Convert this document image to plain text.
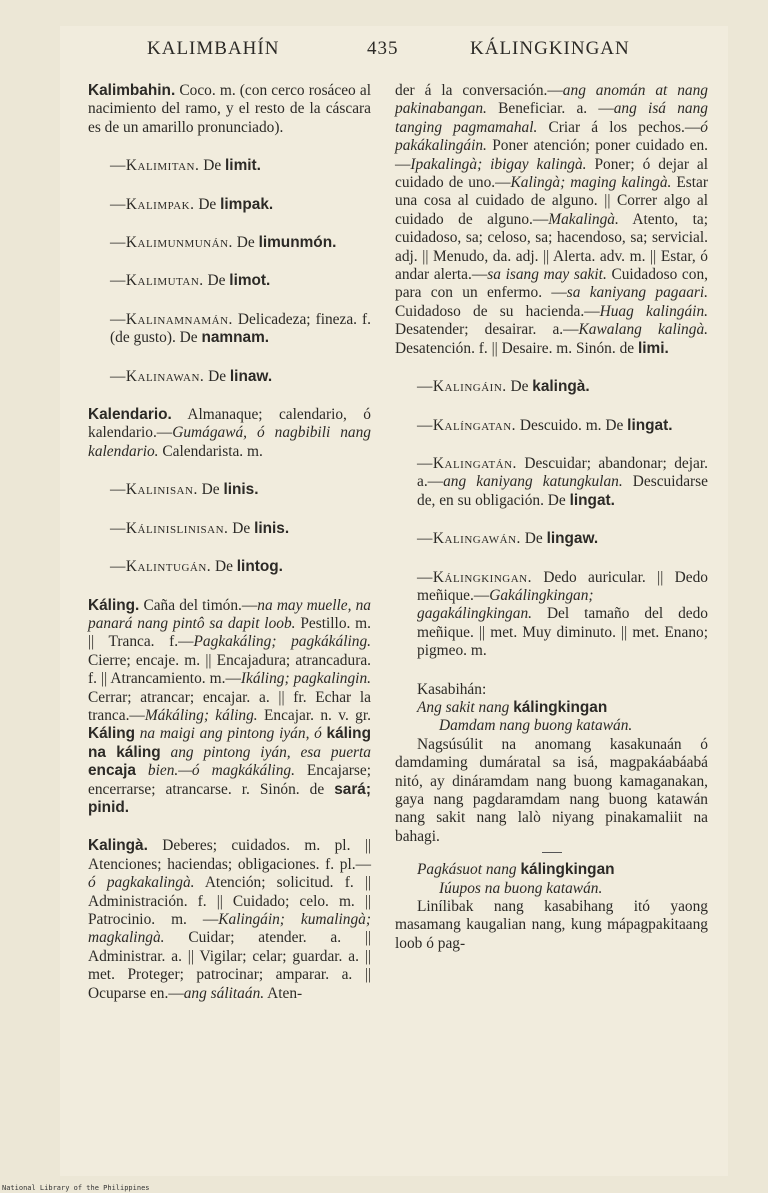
KALIMBAHÍN	435	KÁLINGKINGAN

Kalimbahin. Coco. m. (con cerco rosáceo al nacimiento del ramo, y el resto de la cáscara es de un amarillo pronunciado).

—Kalimitan. De limit.

—Kalimpak. De limpak.

—Kalimunmunán. De limunmón.

—Kalimutan. De limot.

—Kalinamnamán. Delicadeza; fineza. f. (de gusto). De namnam.

—Kalinawan. De linaw.

Kalendario. Almanaque; calendario, ó kalendario.—Gumágawá, ó nagbibili nang kalendario. Calendarista. m.

—Kalinisan. De linis.

—Kálinislinisan. De linis.

—Kalintugán. De lintog.

Káling. Caña del timón.—na may muelle, na panará nang pintô sa dapit loob. Pestillo. m. || Tranca. f.—Pagkakáling; pagkákáling. Cierre; encaje. m. || Encajadura; atrancadura. f. || Atrancamiento. m.—Ikáling; pagkalingin. Cerrar; atrancar; encajar. a. || fr. Echar la tranca.—Mákáling; káling. Encajar. n. v. gr. Káling na maigi ang pintong iyán, ó káling na káling ang pintong iyán, esa puerta encaja bien.—ó magkákáling. Encajarse; encerrarse; atrancarse. r. Sinón. de sará; pinid.

Kalingà. Deberes; cuidados. m. pl. || Atenciones; haciendas; obligaciones. f. pl.—ó pagkakalingà. Atención; solicitud. f. || Administración. f. || Cuidado; celo. m. || Patrocinio. m. —Kalingáin; kumalingà; magkalingà. Cuidar; atender. a. || Administrar. a. || Vigilar; celar; guardar. a. || met. Proteger; patrocinar; amparar. a. || Ocuparse en.—ang sálitaán. Aten-

der á la conversación.—ang anomán at nang pakinabangan. Beneficiar. a. —ang isá nang tanging pagmamahal. Criar á los pechos.—ó pakákalingáin. Poner atención; poner cuidado en.—Ipakalingà; ibigay kalingà. Poner; ó dejar al cuidado de uno.—Kalingà; maging kalingà. Estar una cosa al cuidado de alguno. || Correr algo al cuidado de alguno.—Makalingà. Atento, ta; cuidadoso, sa; celoso, sa; hacendoso, sa; servicial. adj. || Menudo, da. adj. || Alerta. adv. m. || Estar, ó andar alerta.—sa isang may sakit. Cuidadoso con, para con un enfermo. —sa kaniyang pagaari. Cuidadoso de su hacienda.—Huag kalingáin. Desatender; desairar. a.—Kawalang kalingà. Desatención. f. || Desaire. m. Sinón. de limi.

—Kalingáin. De kalingà.

—Kalíngatan. Descuido. m. De lingat.

—Kalingatán. Descuidar; abandonar; dejar. a.—ang kaniyang katungkulan. Descuidarse de, en su obligación. De lingat.

—Kalingawán. De lingaw.

—Kálingkingan. Dedo auricular. || Dedo meñique.—Gakálingkingan; gagakálingkingan. Del tamaño del dedo meñique. || met. Muy diminuto. || met. Enano; pigmeo. m.

Kasabihán:

Ang sakit nang kálingkingan

Damdam nang buong katawán.

Nagsúsúlit na anomang kasakunaán ó damdaming dumáratal sa isá, magpakáabáabá nitó, ay dináramdam nang buong kamaganakan, gaya nang pagdaramdam nang buong katawán nang sakit nang lalò niyang pinakamaliit na bahagi.

Pagkásuot nang kálingkingan

Iúupos na buong katawán.

Linílibak nang kasabihang itó yaong masamang kaugalian nang, kung mápagpakitaang loob ó pag-

National Library of the Philippines
